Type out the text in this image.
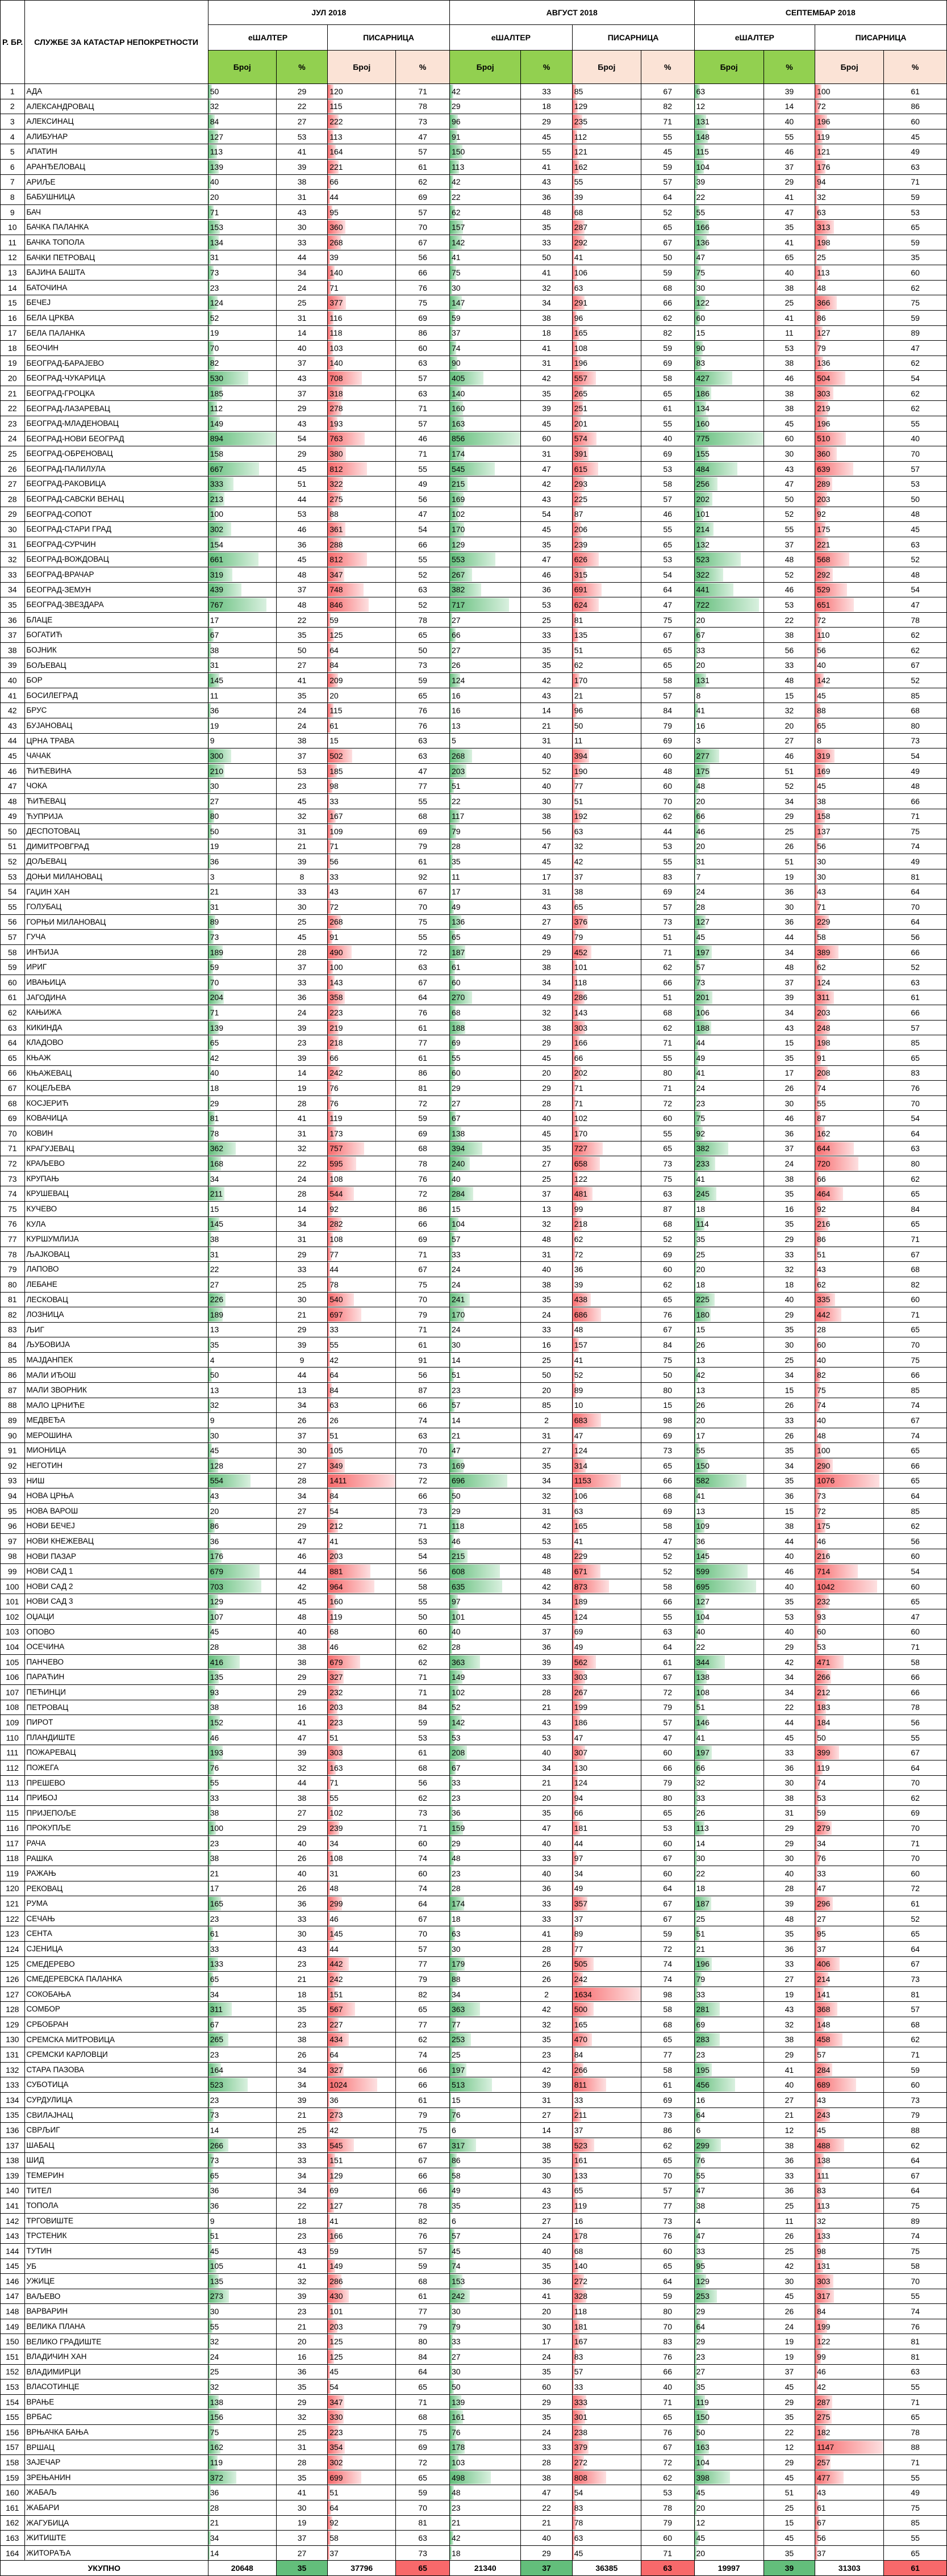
Р. БР.	СЛУЖБЕ ЗА КАТАСТАР НЕПОКРЕТНОСТИ	ЈУЛ 2018				АВГУСТ 2018				СЕПТЕМБАР 2018			
		еШАЛТЕР		ПИСАРНИЦА		еШАЛТЕР		ПИСАРНИЦА		еШАЛТЕР		ПИСАРНИЦА	
		Број	%	Број	%	Број	%	Број	%	Број	%	Број	%
1	АДА	50	29	120	71	42	33	85	67	63	39	100	61
2	АЛЕКСАНДРОВАЦ	32	22	115	78	29	18	129	82	12	14	72	86
3	АЛЕКСИНАЦ	84	27	222	73	96	29	235	71	131	40	196	60
4	АЛИБУНАР	127	53	113	47	91	45	112	55	148	55	119	45
5	АПАТИН	113	41	164	57	150	55	121	45	115	46	121	49
6	АРАНЂЕЛОВАЦ	139	39	221	61	113	41	162	59	104	37	176	63
7	АРИЉЕ	40	38	66	62	42	43	55	57	39	29	94	71
8	БАБУШНИЦА	20	31	44	69	22	36	39	64	22	41	32	59
9	БАЧ	71	43	95	57	62	48	68	52	55	47	63	53
10	БАЧКА ПАЛАНКА	153	30	360	70	157	35	287	65	166	35	313	65
11	БАЧКА ТОПОЛА	134	33	268	67	142	33	292	67	136	41	198	59
12	БАЧКИ ПЕТРОВАЦ	31	44	39	56	41	50	41	50	47	65	25	35
13	БАЈИНА БАШТА	73	34	140	66	75	41	106	59	75	40	113	60
14	БАТОЧИНА	23	24	71	76	30	32	63	68	30	38	48	62
15	БЕЧЕЈ	124	25	377	75	147	34	291	66	122	25	366	75
16	БЕЛА ЦРКВА	52	31	116	69	59	38	96	62	60	41	86	59
17	БЕЛА ПАЛАНКА	19	14	118	86	37	18	165	82	15	11	127	89
18	БЕОЧИН	70	40	103	60	74	41	108	59	90	53	79	47
19	БЕОГРАД-БАРАЈЕВО	82	37	140	63	90	31	196	69	83	38	136	62
20	БЕОГРАД-ЧУКАРИЦА	530	43	708	57	405	42	557	58	427	46	504	54
21	БЕОГРАД-ГРОЦКА	185	37	318	63	140	35	265	65	186	38	303	62
22	БЕОГРАД-ЛАЗАРЕВАЦ	112	29	278	71	160	39	251	61	134	38	219	62
23	БЕОГРАД-МЛАДЕНОВАЦ	149	43	193	57	163	45	201	55	160	45	196	55
24	БЕОГРАД-НОВИ БЕОГРАД	894	54	763	46	856	60	574	40	775	60	510	40
25	БЕОГРАД-ОБРЕНОВАЦ	158	29	380	71	174	31	391	69	155	30	360	70
26	БЕОГРАД-ПАЛИЛУЛА	667	45	812	55	545	47	615	53	484	43	639	57
27	БЕОГРАД-РАКОВИЦА	333	51	322	49	215	42	293	58	256	47	289	53
28	БЕОГРАД-САВСКИ ВЕНАЦ	213	44	275	56	169	43	225	57	202	50	203	50
29	БЕОГРАД-СОПОТ	100	53	88	47	102	54	87	46	101	52	92	48
30	БЕОГРАД-СТАРИ ГРАД	302	46	361	54	170	45	206	55	214	55	175	45
31	БЕОГРАД-СУРЧИН	154	36	288	66	129	35	239	65	132	37	221	63
32	БЕОГРАД-ВОЖДОВАЦ	661	45	812	55	553	47	626	53	523	48	568	52
33	БЕОГРАД-ВРАЧАР	319	48	347	52	267	46	315	54	322	52	292	48
34	БЕОГРАД-ЗЕМУН	439	37	748	63	382	36	691	64	441	46	529	54
35	БЕОГРАД-ЗВЕЗДАРА	767	48	846	52	717	53	624	47	722	53	651	47
36	БЛАЦЕ	17	22	59	78	27	25	81	75	20	22	72	78
37	БОГАТИЋ	67	35	125	65	66	33	135	67	67	38	110	62
38	БОЈНИК	38	50	64	50	27	35	51	65	33	56	56	62
39	БОЉЕВАЦ	31	27	84	73	26	35	62	65	20	33	40	67
40	БОР	145	41	209	59	124	42	170	58	131	48	142	52
41	БОСИЛЕГРАД	11	35	20	65	16	43	21	57	8	15	45	85
42	БРУС	36	24	115	76	16	14	96	84	41	32	88	68
43	БУЈАНОВАЦ	19	24	61	76	13	21	50	79	16	20	65	80
44	ЦРНА ТРАВА	9	38	15	63	5	31	11	69	3	27	8	73
45	ЧАЧАК	300	37	502	63	268	40	394	60	277	46	319	54
46	ЋИЋЕВИНА	210	53	185	47	203	52	190	48	175	51	169	49
47	ЧОКА	30	23	98	77	51	40	77	60	48	52	45	48
48	ЋИЋЕВАЦ	27	45	33	55	22	30	51	70	20	34	38	66
49	ЋУПРИЈА	80	32	167	68	117	38	192	62	66	29	158	71
50	ДЕСПОТОВАЦ	50	31	109	69	79	56	63	44	46	25	137	75
51	ДИМИТРОВГРАД	19	21	71	79	28	47	32	53	20	26	56	74
52	ДОЉЕВАЦ	36	39	56	61	35	45	42	55	31	51	30	49
53	ДОЊИ МИЛАНОВАЦ	3	8	33	92	11	17	37	83	7	19	30	81
54	ГАЏИН ХАН	21	33	43	67	17	31	38	69	24	36	43	64
55	ГОЛУБАЦ	31	30	72	70	49	43	65	57	28	30	71	70
56	ГОРЊИ МИЛАНОВАЦ	89	25	268	75	136	27	376	73	127	36	229	64
57	ГУЧА	73	45	91	55	65	49	79	51	45	44	58	56
58	ИНЂИЈА	189	28	490	72	187	29	452	71	197	34	389	66
59	ИРИГ	59	37	100	63	61	38	101	62	57	48	62	52
60	ИВАЊИЦА	70	33	143	67	60	34	118	66	73	37	124	63
61	ЈАГОДИНА	204	36	358	64	270	49	286	51	201	39	311	61
62	КАЊИЖА	71	24	223	76	68	32	143	68	106	34	203	66
63	КИКИНДА	139	39	219	61	188	38	303	62	188	43	248	57
64	КЛАДОВО	65	23	218	77	69	29	166	71	44	15	198	85
65	КЊАЖ	42	39	66	61	55	45	66	55	49	35	91	65
66	КЊАЖЕВАЦ	40	14	242	86	60	20	202	80	41	17	208	83
67	КОЦЕЉЕВА	18	19	76	81	29	29	71	71	24	26	74	76
68	КОСЈЕРИЋ	29	28	76	72	27	28	71	72	23	30	55	70
69	КОВАЧИЦА	81	41	119	59	67	40	102	60	75	46	87	54
70	КОВИН	78	31	173	69	138	45	170	55	92	36	162	64
71	КРАГУЈЕВАЦ	362	32	757	68	394	35	727	65	382	37	644	63
72	КРАЉЕВО	168	22	595	78	240	27	658	73	233	24	720	80
73	КРУПАЊ	34	24	108	76	40	25	122	75	41	38	66	62
74	КРУШЕВАЦ	211	28	544	72	284	37	481	63	245	35	464	65
75	КУЧЕВО	15	14	92	86	15	13	99	87	18	16	92	84
76	КУЛА	145	34	282	66	104	32	218	68	114	35	216	65
77	КУРШУМЛИЈА	38	31	108	69	57	48	62	52	35	29	86	71
78	ЉАЈКОВАЦ	31	29	77	71	33	31	72	69	25	33	51	67
79	ЛАПОВО	22	33	44	67	24	40	36	60	20	32	43	68
80	ЛЕБАНЕ	27	25	78	75	24	38	39	62	18	18	62	82
81	ЛЕСКОВАЦ	226	30	540	70	241	35	438	65	225	40	335	60
82	ЛОЗНИЦА	189	21	697	79	170	24	686	76	180	29	442	71
83	ЉИГ	13	29	33	71	24	33	48	67	15	35	28	65
84	ЉУБОВИЈА	35	39	55	61	30	16	157	84	26	30	60	70
85	МАЈДАНПЕК	4	9	42	91	14	25	41	75	13	25	40	75
86	МАЛИ ИЂОШ	50	44	64	56	51	50	52	50	42	34	82	66
87	МАЛИ ЗВОРНИК	13	13	84	87	23	20	89	80	13	15	75	85
88	МАЛО ЦРНИЋЕ	32	34	63	66	57	85	10	15	26	26	74	74
89	МЕДВЕЂА	9	26	26	74	14	2	683	98	20	33	40	67
90	МЕРОШИНА	30	37	51	63	21	31	47	69	17	26	48	74
91	МИОНИЦА	45	30	105	70	47	27	124	73	55	35	100	65
92	НЕГОТИН	128	27	349	73	169	35	314	65	150	34	290	66
93	НИШ	554	28	1411	72	696	34	1153	66	582	35	1076	65
94	НОВА ЦРЊА	43	34	84	66	50	32	106	68	41	36	73	64
95	НОВА ВАРОШ	20	27	54	73	29	31	63	69	13	15	72	85
96	НОВИ БЕЧЕЈ	86	29	212	71	118	42	165	58	109	38	175	62
97	НОВИ КНЕЖЕВАЦ	36	47	41	53	46	53	41	47	36	44	46	56
98	НОВИ ПАЗАР	176	46	203	54	215	48	229	52	145	40	216	60
99	НОВИ САД 1	679	44	881	56	608	48	671	52	599	46	714	54
100	НОВИ САД 2	703	42	964	58	635	42	873	58	695	40	1042	60
101	НОВИ САД 3	129	45	160	55	97	34	189	66	127	35	232	65
102	ОЏАЦИ	107	48	119	50	101	45	124	55	104	53	93	47
103	ОПОВО	45	40	68	60	40	37	69	63	40	40	60	60
104	ОСЕЧИНА	28	38	46	62	28	36	49	64	22	29	53	71
105	ПАНЧЕВО	416	38	679	62	363	39	562	61	344	42	471	58
106	ПАРАЋИН	135	29	327	71	149	33	303	67	138	34	266	66
107	ПЕЋИНЦИ	93	29	232	71	102	28	267	72	108	34	212	66
108	ПЕТРОВАЦ	38	16	203	84	52	21	199	79	51	22	183	78
109	ПИРОТ	152	41	223	59	142	43	186	57	146	44	184	56
110	ПЛАНДИШТЕ	46	47	51	53	53	53	47	47	41	45	50	55
111	ПОЖАРЕВАЦ	193	39	303	61	208	40	307	60	197	33	399	67
112	ПОЖЕГА	76	32	163	68	67	34	130	66	66	36	119	64
113	ПРЕШЕВО	55	44	71	56	33	21	124	79	32	30	74	70
114	ПРИБОЈ	33	38	55	62	23	20	94	80	33	38	53	62
115	ПРИЈЕПОЉЕ	38	27	102	73	36	35	66	65	26	31	59	69
116	ПРОКУПЉЕ	100	29	239	71	159	47	181	53	113	29	279	70
117	РАЧА	23	40	34	60	29	40	44	60	14	29	34	71
118	РАШКА	38	26	108	74	48	33	97	67	30	30	76	70
119	РАЖАЊ	21	40	31	60	23	40	34	60	22	40	33	60
120	РЕКОВАЦ	17	26	48	74	28	36	49	64	18	28	47	72
121	РУМА	165	36	299	64	174	33	357	67	187	39	296	61
122	СЕЧАЊ	23	33	46	67	18	33	37	67	25	48	27	52
123	СЕНТА	61	30	145	70	63	41	89	59	51	35	95	65
124	СЈЕНИЦА	33	43	44	57	30	28	77	72	21	36	37	64
125	СМЕДЕРЕВО	133	23	442	77	179	26	505	74	196	33	406	67
126	СМЕДЕРЕВСКА ПАЛАНКА	65	21	242	79	88	26	242	74	79	27	214	73
127	СОКОБАЊА	34	18	151	82	34	2	1634	98	33	19	141	81
128	СОМБОР	311	35	567	65	363	42	500	58	281	43	368	57
129	СРБОБРАН	67	23	227	77	77	32	165	68	69	32	148	68
130	СРЕМСКА МИТРОВИЦА	265	38	434	62	253	35	470	65	283	38	458	62
131	СРЕМСКИ КАРЛОВЦИ	23	26	64	74	25	23	84	77	23	29	57	71
132	СТАРА ПАЗОВА	164	34	327	66	197	42	266	58	195	41	284	59
133	СУБОТИЦА	523	34	1024	66	513	39	811	61	456	40	689	60
134	СУРДУЛИЦА	23	39	36	61	15	31	33	69	16	27	43	73
135	СВИЛАЈНАЦ	73	21	273	79	76	27	211	73	64	21	243	79
136	СВРЉИГ	14	25	42	75	6	14	37	86	6	12	45	88
137	ШАБАЦ	266	33	545	67	317	38	523	62	299	38	488	62
138	ШИД	73	33	151	67	86	35	161	65	76	36	138	64
139	ТЕМЕРИН	65	34	129	66	58	30	133	70	55	33	111	67
140	ТИТЕЛ	36	34	69	66	49	43	65	57	47	36	83	64
141	ТОПОЛА	36	22	127	78	35	23	119	77	38	25	113	75
142	ТРГОВИШТЕ	9	18	41	82	6	27	16	73	4	11	32	89
143	ТРСТЕНИК	51	23	166	76	57	24	178	76	47	26	133	74
144	ТУТИН	45	43	59	57	45	40	68	60	33	25	98	75
145	УБ	105	41	149	59	74	35	140	65	95	42	131	58
146	УЖИЦЕ	135	32	286	68	153	36	272	64	129	30	303	70
147	ВАЉЕВО	273	39	430	61	242	41	328	59	253	45	317	55
148	ВАРВАРИН	30	23	101	77	30	20	118	80	29	26	84	74
149	ВЕЛИКА ПЛАНА	55	21	203	79	79	30	181	70	64	24	199	76
150	ВЕЛИКО ГРАДИШТЕ	32	20	125	80	33	17	167	83	29	19	122	81
151	ВЛАДИЧИН ХАН	24	16	125	84	27	24	83	76	23	19	99	81
152	ВЛАДИМИРЦИ	25	36	45	64	30	35	57	66	27	37	46	63
153	ВЛАСОТИНЦЕ	32	35	54	65	50	60	33	40	35	45	42	55
154	ВРАЊЕ	138	29	347	71	139	29	333	71	119	29	287	71
155	ВРБАС	156	32	330	68	161	35	301	65	150	35	275	65
156	ВРЊАЧКА БАЊА	75	25	223	75	76	24	238	76	50	22	182	78
157	ВРШАЦ	162	31	354	69	178	33	379	67	163	12	1147	88
158	ЗАЈЕЧАР	119	28	302	72	103	28	272	72	104	29	257	71
159	ЗРЕЊАНИН	372	35	699	65	498	38	808	62	398	45	477	55
160	ЖАБАЉ	36	41	51	59	48	47	54	53	45	51	43	49
161	ЖАБАРИ	28	30	64	70	23	22	83	78	20	25	61	75
162	ЖАГУБИЦА	21	19	92	81	21	21	78	79	12	15	67	85
163	ЖИТИШТЕ	34	37	58	63	42	40	63	60	45	45	56	55
164	ЖИТОРАЂА	14	27	37	73	18	29	45	71	20	35	37	65
УКУПНО		20648	35	37796	65	21340	37	36385	63	19997	39	31303	61
